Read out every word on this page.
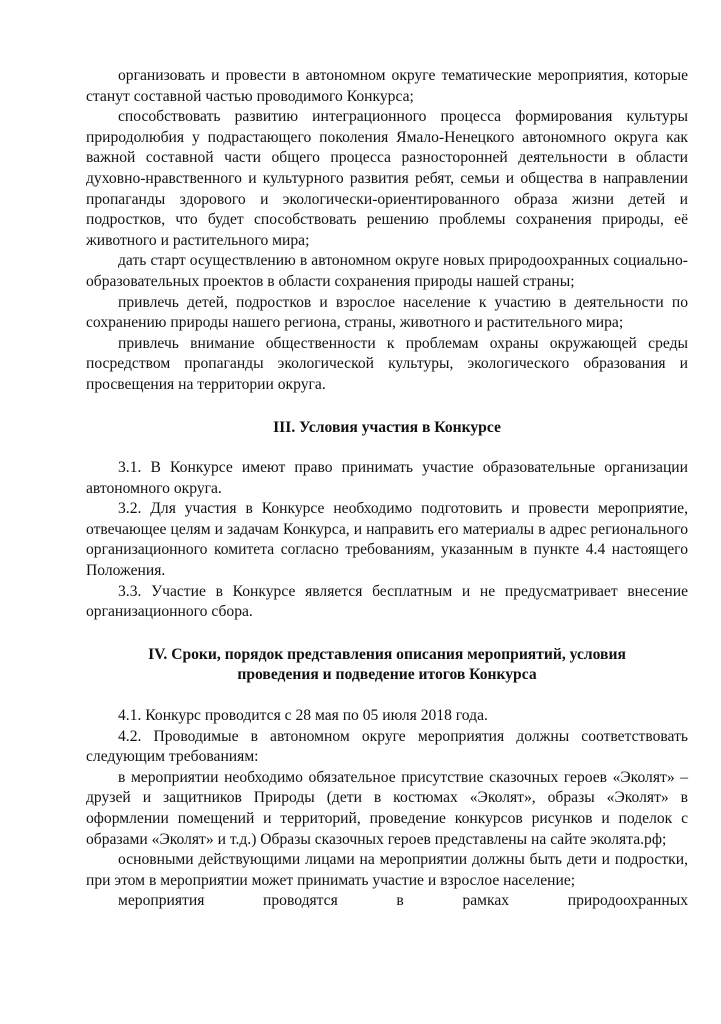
организовать и провести в автономном округе тематические мероприятия, которые станут составной частью проводимого Конкурса;

способствовать развитию интеграционного процесса формирования культуры природолюбия у подрастающего поколения Ямало-Ненецкого автономного округа как важной составной части общего процесса разносторонней деятельности в области духовно-нравственного и культурного развития ребят, семьи и общества в направлении пропаганды здорового и экологически-ориентированного образа жизни детей и подростков, что будет способствовать решению проблемы сохранения природы, её животного и растительного мира;

дать старт осуществлению в автономном округе новых природоохранных социально-образовательных проектов в области сохранения природы нашей страны;

привлечь детей, подростков и взрослое население к участию в деятельности по сохранению природы нашего региона, страны, животного и растительного мира;

привлечь внимание общественности к проблемам охраны окружающей среды посредством пропаганды экологической культуры, экологического образования и просвещения на территории округа.

III. Условия участия в Конкурсе

3.1. В Конкурсе имеют право принимать участие образовательные организации автономного округа.

3.2. Для участия в Конкурсе необходимо подготовить и провести мероприятие, отвечающее целям и задачам Конкурса, и направить его материалы в адрес регионального организационного комитета согласно требованиям, указанным в пункте 4.4 настоящего Положения.

3.3. Участие в Конкурсе является бесплатным и не предусматривает внесение организационного сбора.

IV. Сроки, порядок представления описания мероприятий, условия
проведения и подведение итогов Конкурса

4.1. Конкурс проводится с 28 мая по 05 июля 2018 года.

4.2. Проводимые в автономном округе мероприятия должны соответствовать следующим требованиям:

в мероприятии необходимо обязательное присутствие сказочных героев «Эколят» – друзей и защитников Природы (дети в костюмах «Эколят», образы «Эколят» в оформлении помещений и территорий, проведение конкурсов рисунков и поделок с образами «Эколят» и т.д.) Образы сказочных героев представлены на сайте эколята.рф;

основными действующими лицами на мероприятии должны быть дети и подростки, при этом в мероприятии может принимать участие и взрослое население;

мероприятия проводятся в рамках природоохранных
